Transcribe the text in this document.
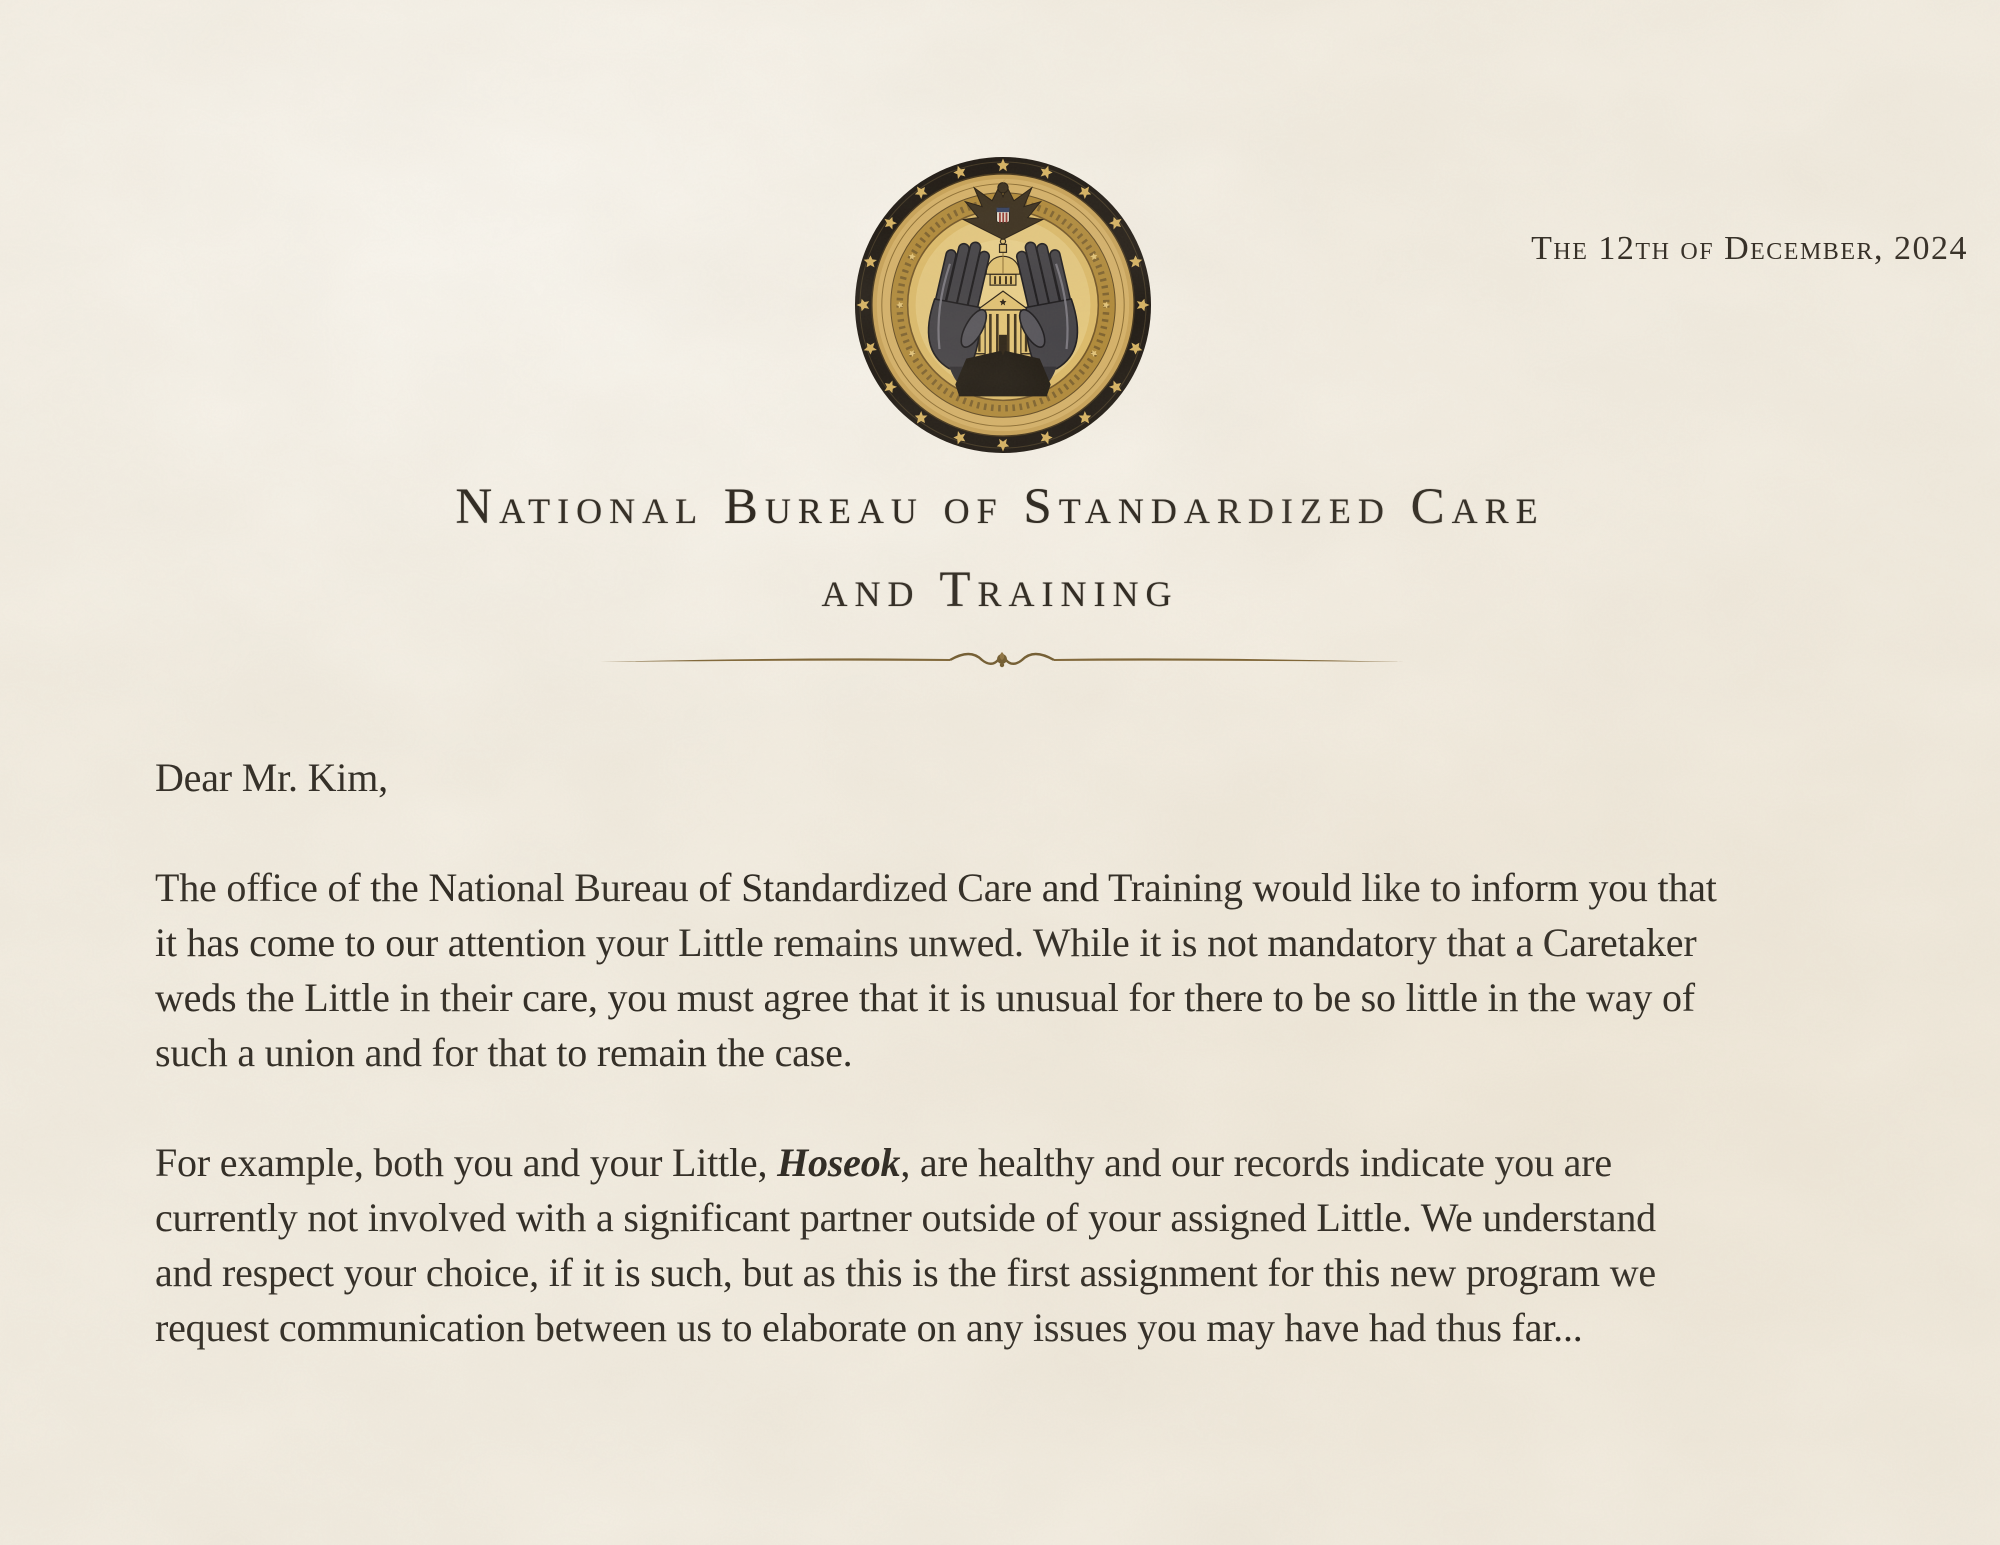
The 12th of December, 2024
National Bureau of Standardized Care
and Training
Dear Mr. Kim,
The office of the National Bureau of Standardized Care and Training would like to inform you that
it has come to our attention your Little remains unwed. While it is not mandatory that a Caretaker
weds the Little in their care, you must agree that it is unusual for there to be so little in the way of
such a union and for that to remain the case.
For example, both you and your Little, Hoseok, are healthy and our records indicate you are
currently not involved with a significant partner outside of your assigned Little. We understand
and respect your choice, if it is such, but as this is the first assignment for this new program we
request communication between us to elaborate on any issues you may have had thus far...
